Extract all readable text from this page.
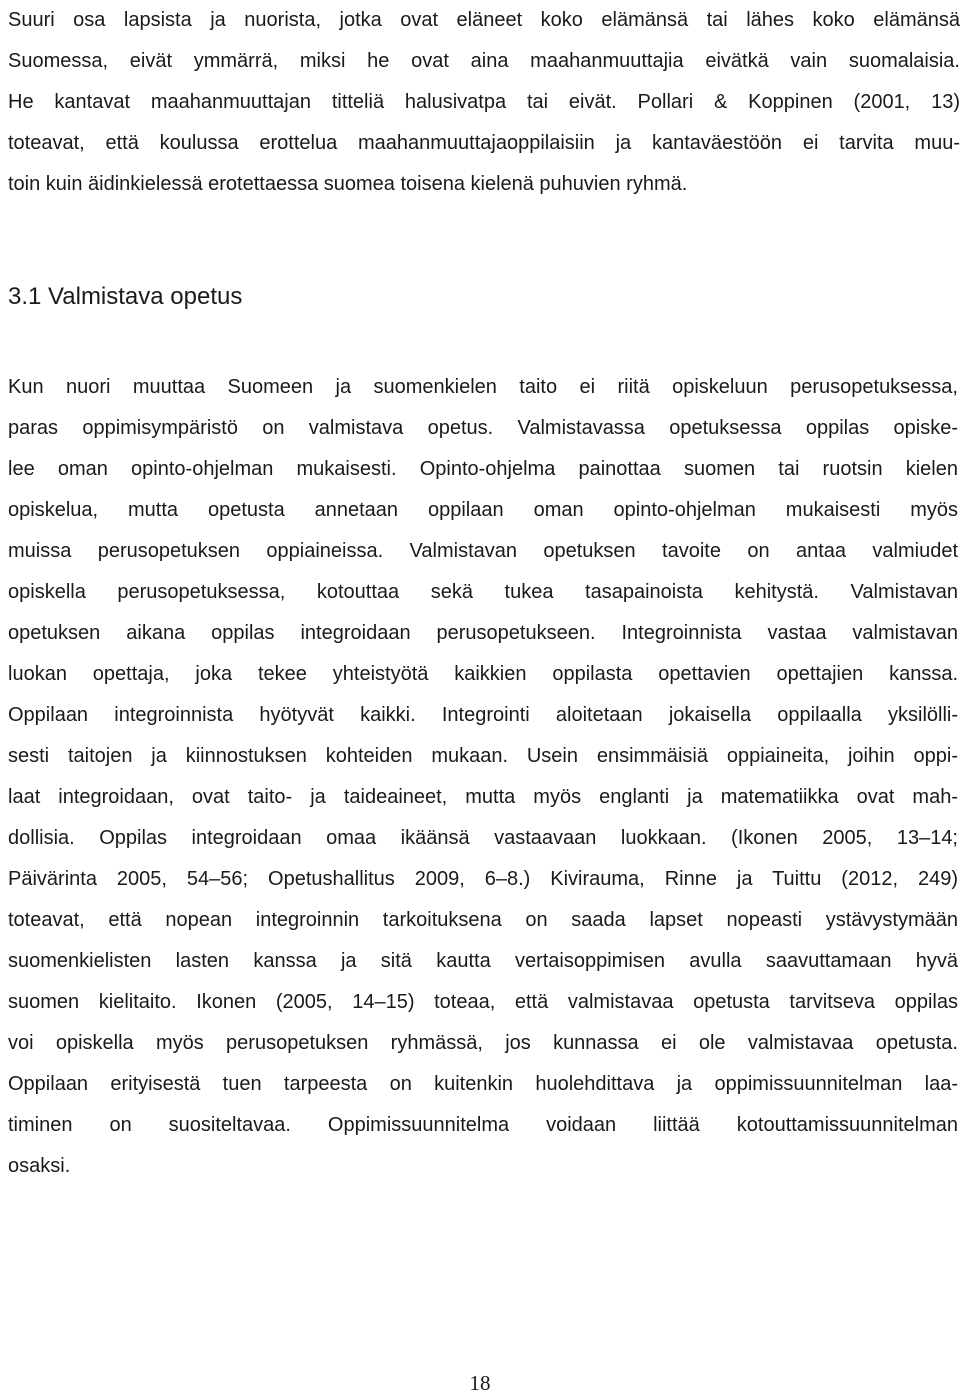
Suuri osa lapsista ja nuorista, jotka ovat eläneet koko elämänsä tai lähes koko elämänsä
Suomessa, eivät ymmärrä, miksi he ovat aina maahanmuuttajia eivätkä vain suomalaisia.
He kantavat maahanmuuttajan titteliä halusivatpa tai eivät. Pollari & Koppinen (2001, 13)
toteavat, että koulussa erottelua maahanmuuttajaoppilaisiin ja kantaväestöön ei tarvita muu-
toin kuin äidinkielessä erotettaessa suomea toisena kielenä puhuvien ryhmä.
3.1 Valmistava opetus
Kun nuori muuttaa Suomeen ja suomenkielen taito ei riitä opiskeluun perusopetuksessa,
paras oppimisympäristö on valmistava opetus. Valmistavassa opetuksessa oppilas opiske-
lee oman opinto-ohjelman mukaisesti. Opinto-ohjelma painottaa suomen tai ruotsin kielen
opiskelua, mutta opetusta annetaan oppilaan oman opinto-ohjelman mukaisesti myös
muissa perusopetuksen oppiaineissa. Valmistavan opetuksen tavoite on antaa valmiudet
opiskella perusopetuksessa, kotouttaa sekä tukea tasapainoista kehitystä. Valmistavan
opetuksen aikana oppilas integroidaan perusopetukseen. Integroinnista vastaa valmistavan
luokan opettaja, joka tekee yhteistyötä kaikkien oppilasta opettavien opettajien kanssa.
Oppilaan integroinnista hyötyvät kaikki. Integrointi aloitetaan jokaisella oppilaalla yksilölli-
sesti taitojen ja kiinnostuksen kohteiden mukaan. Usein ensimmäisiä oppiaineita, joihin oppi-
laat integroidaan, ovat taito- ja taideaineet, mutta myös englanti ja matematiikka ovat mah-
dollisia. Oppilas integroidaan omaa ikäänsä vastaavaan luokkaan. (Ikonen 2005, 13–14;
Päivärinta 2005, 54–56; Opetushallitus 2009, 6–8.) Kivirauma, Rinne ja Tuittu (2012, 249)
toteavat, että nopean integroinnin tarkoituksena on saada lapset nopeasti ystävystymään
suomenkielisten lasten kanssa ja sitä kautta vertaisoppimisen avulla saavuttamaan hyvä
suomen kielitaito. Ikonen (2005, 14–15) toteaa, että valmistavaa opetusta tarvitseva oppilas
voi opiskella myös perusopetuksen ryhmässä, jos kunnassa ei ole valmistavaa opetusta.
Oppilaan erityisestä tuen tarpeesta on kuitenkin huolehdittava ja oppimissuunnitelman laa-
timinen on suositeltavaa. Oppimissuunnitelma voidaan liittää kotouttamissuunnitelman
osaksi.
18
